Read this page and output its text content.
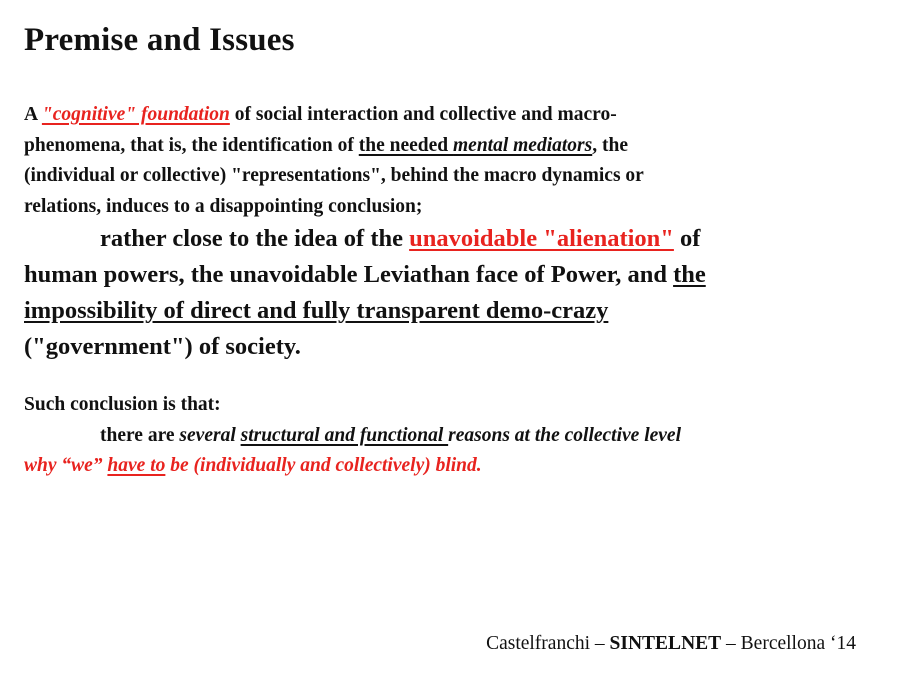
Premise and Issues

A "cognitive" foundation of social interaction and collective and macro-
phenomena, that is, the identification of the needed mental mediators, the
(individual or collective) "representations", behind the macro dynamics or
relations, induces to a disappointing conclusion;

rather close to the idea of the unavoidable "alienation" of
human powers, the unavoidable Leviathan face of Power, and the
impossibility of direct and fully transparent demo-crazy
("government") of society.

Such conclusion is that:
there are several structural and functional reasons at the collective level
why “we” have to be (individually and collectively) blind.

Castelfranchi – SINTELNET – Bercellona ‘14
